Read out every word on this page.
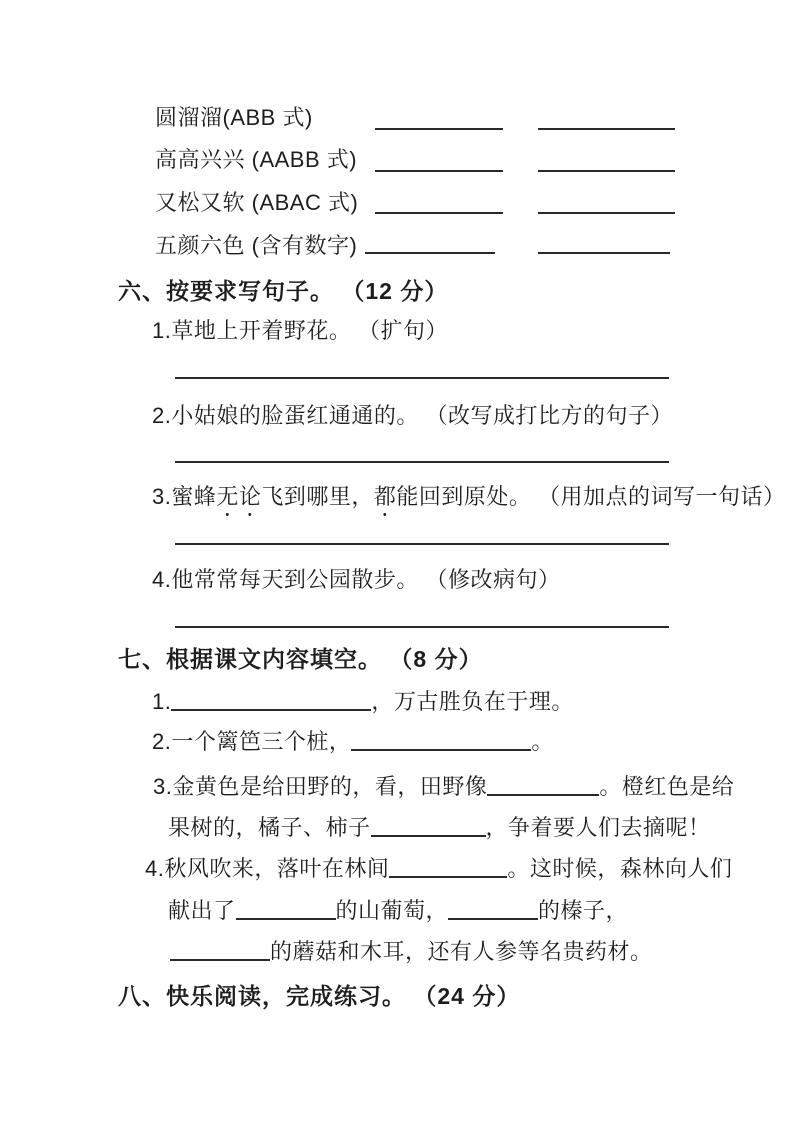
圆溜溜(ABB 式)
高高兴兴 (AABB 式)
又松又软 (ABAC 式)
五颜六色 (含有数字)
六、按要求写句子。 （12 分）
1.草地上开着野花。 （扩句）
2.小姑娘的脸蛋红通通的。 （改写成打比方的句子）
3.蜜蜂无论飞到哪里，都能回到原处。 （用加点的词写一句话）
4.他常常每天到公园散步。 （修改病句）
七、根据课文内容填空。 （8 分）
1.	，万古胜负在于理。
2.一个篱笆三个桩，	。
3.金黄色是给田野的，看，田野像	。橙红色是给
果树的，橘子、柿子	，争着要人们去摘呢！
4.秋风吹来，落叶在林间	。这时候，森林向人们
献出了	的山葡萄，	的榛子，
的蘑菇和木耳，还有人参等名贵药材。
八、快乐阅读，完成练习。 （24 分）
